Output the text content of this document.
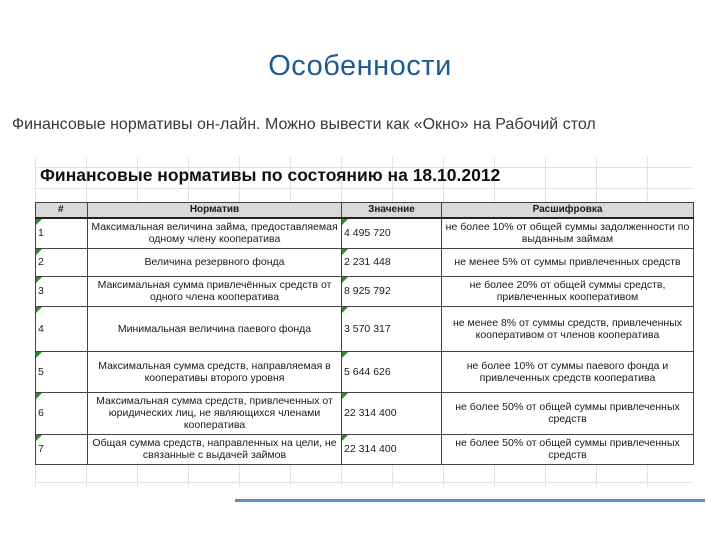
Особенности
Финансовые нормативы он-лайн. Можно вывести как «Окно» на Рабочий стол
Финансовые нормативы по состоянию на 18.10.2012
#	Норматив	Значение	Расшифровка

1	Максимальная величина займа, предоставляемая одному члену кооператива	4 495 720	не более 10% от общей суммы задолженности по выданным займам

2	Величина резервного фонда	2 231 448	не менее 5% от суммы привлеченных средств

3	Максимальная сумма привлечённых средств от одного члена кооператива	8 925 792	не более 20% от общей суммы средств, привлеченных кооперативом

4	Минимальная величина паевого фонда	3 570 317	не менее 8% от суммы средств, привлеченных кооперативом от членов кооператива

5	Максимальная сумма средств, направляемая в кооперативы второго уровня	5 644 626	не более 10% от суммы паевого фонда и привлеченных средств кооператива

6	Максимальная сумма средств, привлеченных от юридических лиц, не являющихся членами кооператива	22 314 400	не более 50% от общей суммы привлеченных средств

7	Общая сумма средств, направленных на цели, не связанные с выдачей займов	22 314 400	не более 50% от общей суммы привлеченных средств
